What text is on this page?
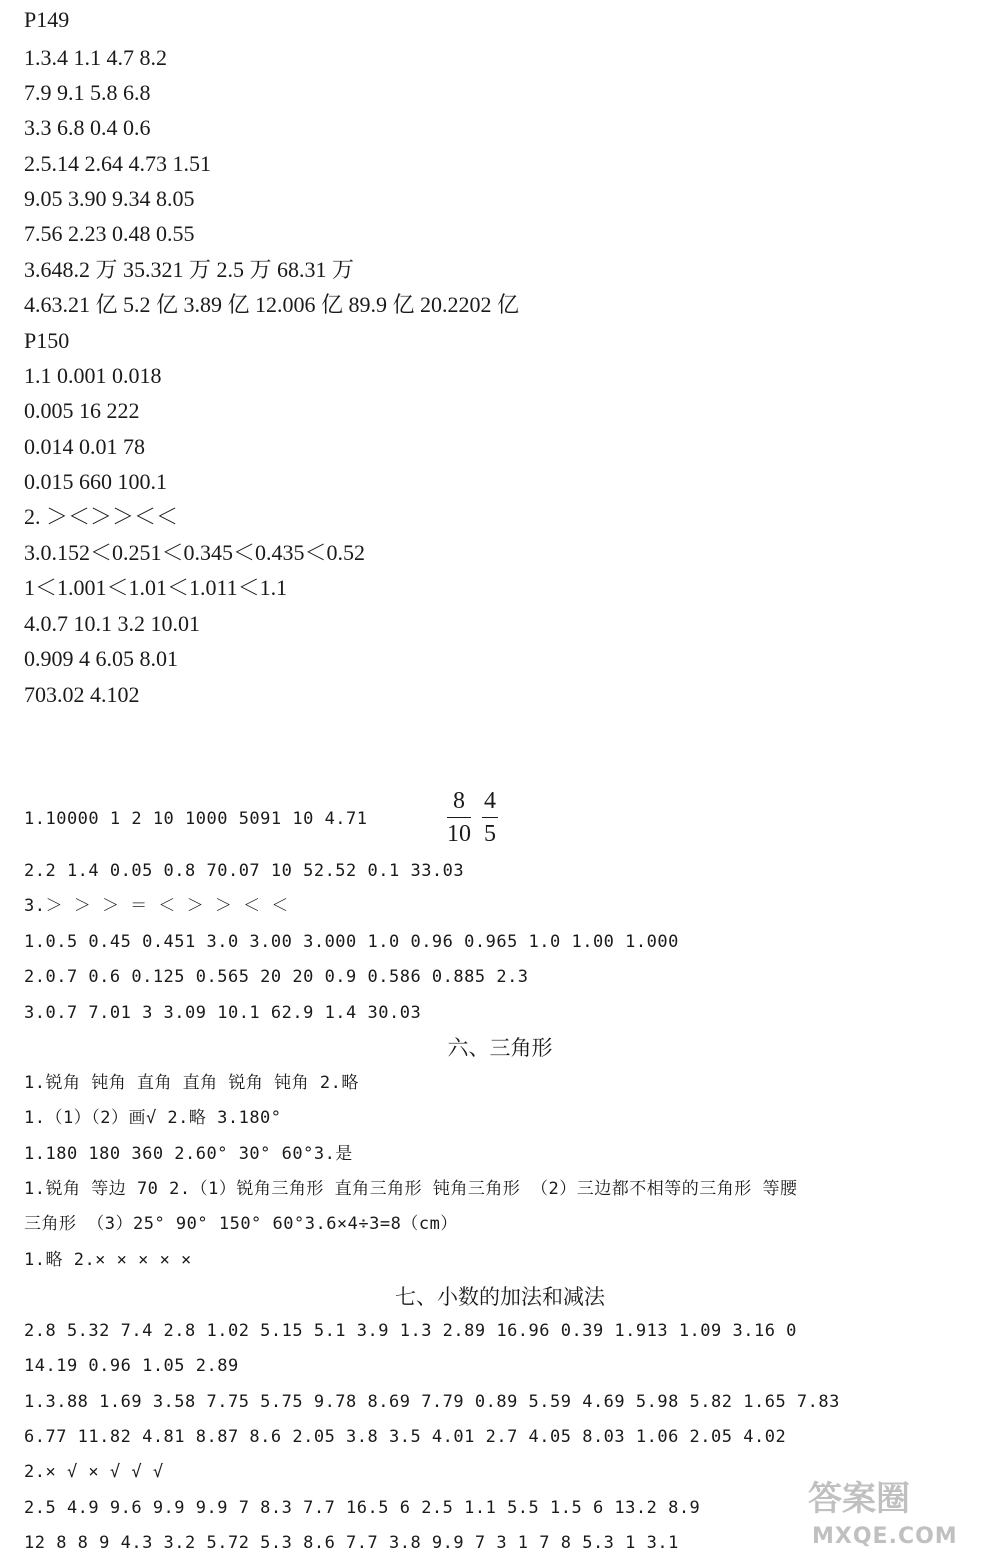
P149
1.3.4 1.1 4.7 8.2
7.9 9.1 5.8 6.8
3.3 6.8 0.4 0.6
2.5.14 2.64 4.73 1.51
9.05 3.90 9.34 8.05
7.56 2.23 0.48 0.55
3.648.2 万 35.321 万 2.5 万 68.31 万
4.63.21 亿 5.2 亿 3.89 亿 12.006 亿 89.9 亿 20.2202 亿
P150
1.1 0.001 0.018
0.005 16 222
0.014 0.01 78
0.015 660 100.1
2. ＞＜＞＞＜＜
3.0.152＜0.251＜0.345＜0.435＜0.52
1＜1.001＜1.01＜1.011＜1.1
4.0.7 10.1 3.2 10.01
0.909 4 6.05 8.01
703.02 4.102
1.10000 1 2 10 1000 5091 10 4.71
8
10
4
5
2.2 1.4 0.05 0.8 70.07 10 52.52 0.1 33.03
3.＞ ＞ ＞ ＝ ＜ ＞ ＞ ＜ ＜
1.0.5 0.45 0.451 3.0 3.00 3.000 1.0 0.96 0.965 1.0 1.00 1.000
2.0.7 0.6 0.125 0.565 20 20 0.9 0.586 0.885 2.3
3.0.7 7.01 3 3.09 10.1 62.9 1.4 30.03
六、三角形
1.锐角 钝角 直角 直角 锐角 钝角 2.略
1.（1）（2）画√ 2.略 3.180°
1.180 180 360 2.60° 30° 60°3.是
1.锐角 等边 70 2.（1）锐角三角形 直角三角形 钝角三角形 （2）三边都不相等的三角形 等腰
三角形 （3）25° 90° 150° 60°3.6×4÷3=8（cm）
1.略 2.× × × × ×
七、小数的加法和减法
2.8 5.32 7.4 2.8 1.02 5.15 5.1 3.9 1.3 2.89 16.96 0.39 1.913 1.09 3.16 0
14.19 0.96 1.05 2.89
1.3.88 1.69 3.58 7.75 5.75 9.78 8.69 7.79 0.89 5.59 4.69 5.98 5.82 1.65 7.83
6.77 11.82 4.81 8.87 8.6 2.05 3.8 3.5 4.01 2.7 4.05 8.03 1.06 2.05 4.02
2.× √ × √ √ √
2.5 4.9 9.6 9.9 9.9 7 8.3 7.7 16.5 6 2.5 1.1 5.5 1.5 6 13.2 8.9
12 8 8 9 4.3 3.2 5.72 5.3 8.6 7.7 3.8 9.9 7 3 1 7 8 5.3 1 3.1
答案圈
MXQE.COM
